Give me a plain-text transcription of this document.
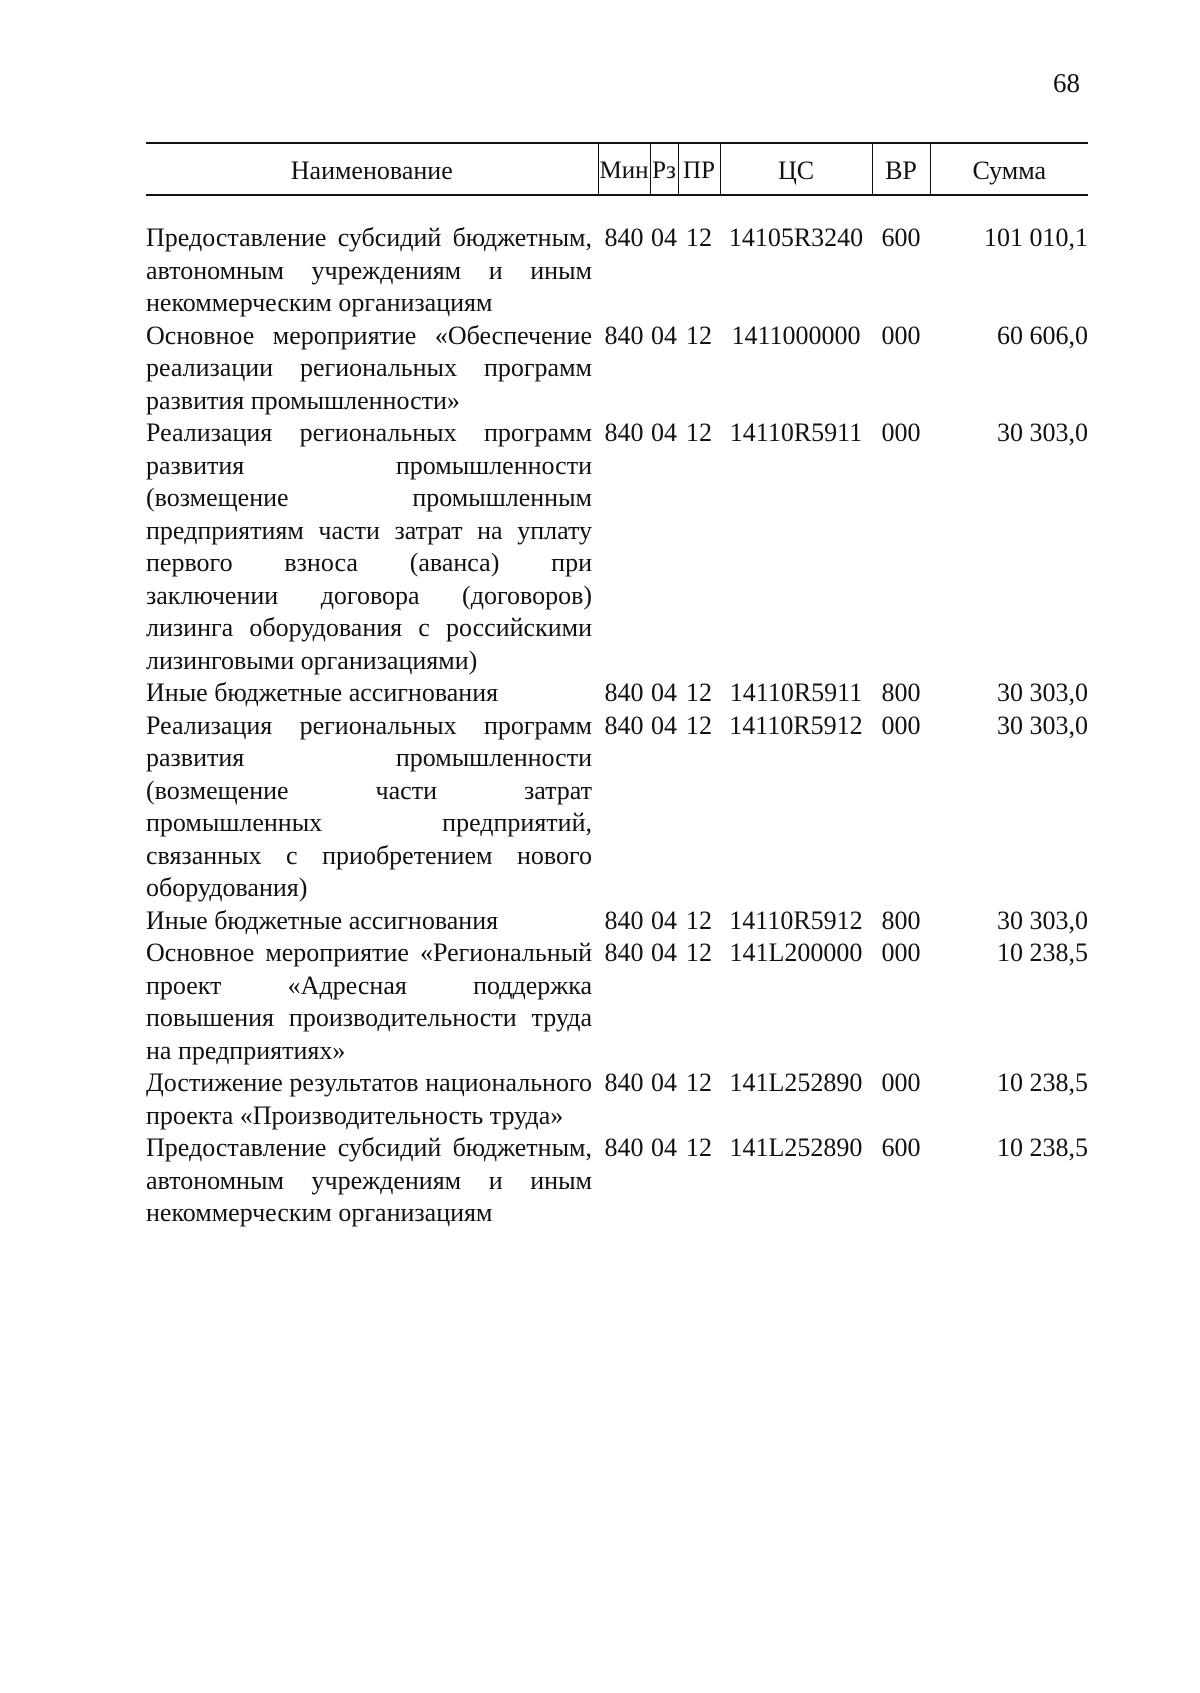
68
Наименование	Мин	Рз	ПР	ЦС	ВР	Сумма

Предоставление субсидий бюджетным, автономным учреждениям и иным некоммерческим организациям	840	04	12	14105R3240	600	101 010,1
Основное мероприятие «Обеспечение реализации региональных программ развития промышленности»	840	04	12	1411000000	000	60 606,0
Реализация региональных программ развития промышленности (возмещение промышленным предприятиям части затрат на уплату первого взноса (аванса) при заключении договора (договоров) лизинга оборудования с российскими лизинговыми организациями)	840	04	12	14110R5911	000	30 303,0
Иные бюджетные ассигнования	840	04	12	14110R5911	800	30 303,0
Реализация региональных программ развития промышленности (возмещение части затрат промышленных предприятий, связанных с приобретением нового оборудования)	840	04	12	14110R5912	000	30 303,0
Иные бюджетные ассигнования	840	04	12	14110R5912	800	30 303,0
Основное мероприятие «Региональный проект «Адресная поддержка повышения производительности труда на предприятиях»	840	04	12	141L200000	000	10 238,5
Достижение результатов национального проекта «Производительность труда»	840	04	12	141L252890	000	10 238,5
Предоставление субсидий бюджетным, автономным учреждениям и иным некоммерческим организациям	840	04	12	141L252890	600	10 238,5
